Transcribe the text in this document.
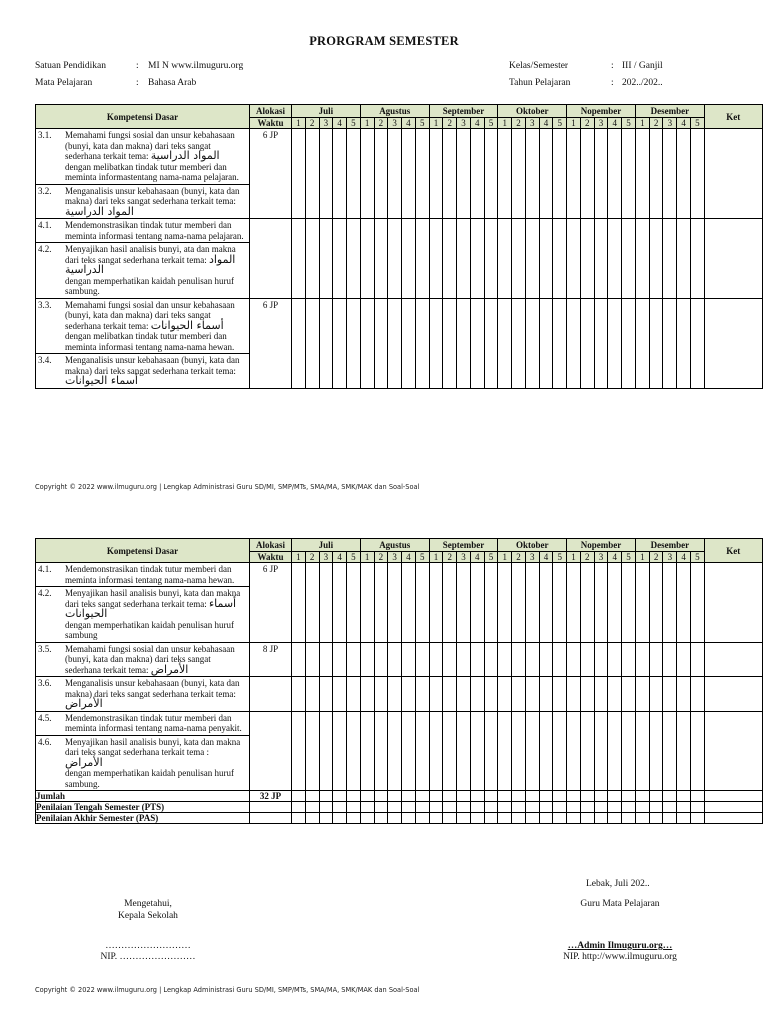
PRORGRAM SEMESTER
Satuan Pendidikan	: MI N www.ilmuguru.org
Mata Pelajaran	: Bahasa Arab
Kelas/Semester	: III / Ganjil
Tahun Pelajaran	: 202../202..
Kompetensi Dasar	Alokasi	Juli					Agustus					September					Oktober					Nopember					Desember					Ket
	Waktu	1	2	3	4	5	1	2	3	4	5	1	2	3	4	5	1	2	3	4	5	1	2	3	4	5	1	2	3	4	5	

3.1. Memahami fungsi sosial dan unsur kebahasaan (bunyi, kata dan makna) dari teks sangat sederhana terkait tema: المواد الدراسية
dengan melibatkan tindak tutur memberi dan meminta informastentang nama-nama pelajaran.	6 JP																															

3.2. Menganalisis unsur kebahasaan (bunyi, kata dan makna) dari teks sangat sederhana terkait tema: المواد الدراسية																																

4.1. Mendemonstrasikan tindak tutur memberi dan meminta informasi tentang nama-nama pelajaran.																																

4.2. Menyajikan hasil analisis bunyi, ata dan makna dari teks sangat sederhana terkait tema: المواد الدراسية
dengan memperhatikan kaidah penulisan huruf sambung.																																

3.3. Memahami fungsi sosial dan unsur kebahasaan (bunyi, kata dan makna) dari teks sangat sederhana terkait tema: أسماء الحيوانات
dengan melibatkan tindak tutur memberi dan meminta informasi tentang nama-nama hewan.	6 JP																															

3.4. Menganalisis unsur kebahasaan (bunyi, kata dan makna) dari teks sangat sederhana terkait tema: أسماء الحيوانات																																
Copyright © 2022 www.ilmuguru.org | Lengkap Administrasi Guru SD/MI, SMP/MTs, SMA/MA, SMK/MAK dan Soal-Soal
Kompetensi Dasar	Alokasi	Juli					Agustus					September					Oktober					Nopember					Desember					Ket
	Waktu	1	2	3	4	5	1	2	3	4	5	1	2	3	4	5	1	2	3	4	5	1	2	3	4	5	1	2	3	4	5	

4.1. Mendemonstrasikan tindak tutur memberi dan meminta informasi tentang nama-nama hewan.	6 JP																															

4.2. Menyajikan hasil analisis bunyi, kata dan makna dari teks sangat sederhana terkait tema: أسماء الحيوانات
dengan memperhatikan kaidah penulisan huruf sambung																																

3.5. Memahami fungsi sosial dan unsur kebahasaan (bunyi, kata dan makna) dari teks sangat sederhana terkait tema: الأمراض	8 JP																															

3.6. Menganalisis unsur kebahasaan (bunyi, kata dan makna) dari teks sangat sederhana terkait tema: الأمراض																																

4.5. Mendemonstrasikan tindak tutur memberi dan meminta informasi tentang nama-nama penyakit.																																

4.6. Menyajikan hasil analisis bunyi, kata dan makna dari teks sangat sederhana terkait tema : الأمراض
dengan memperhatikan kaidah penulisan huruf sambung.																																

Jumlah	32 JP																															
Penilaian Tengah Semester (PTS)																																
Penilaian Akhir Semester (PAS)																																
Lebak, Juli 202..
Mengetahui,
Kepala Sekolah
Guru Mata Pelajaran
………………………
NIP. ……………………
…Admin Ilmuguru.org…
NIP. http://www.ilmuguru.org
Copyright © 2022 www.ilmuguru.org | Lengkap Administrasi Guru SD/MI, SMP/MTs, SMA/MA, SMK/MAK dan Soal-Soal
